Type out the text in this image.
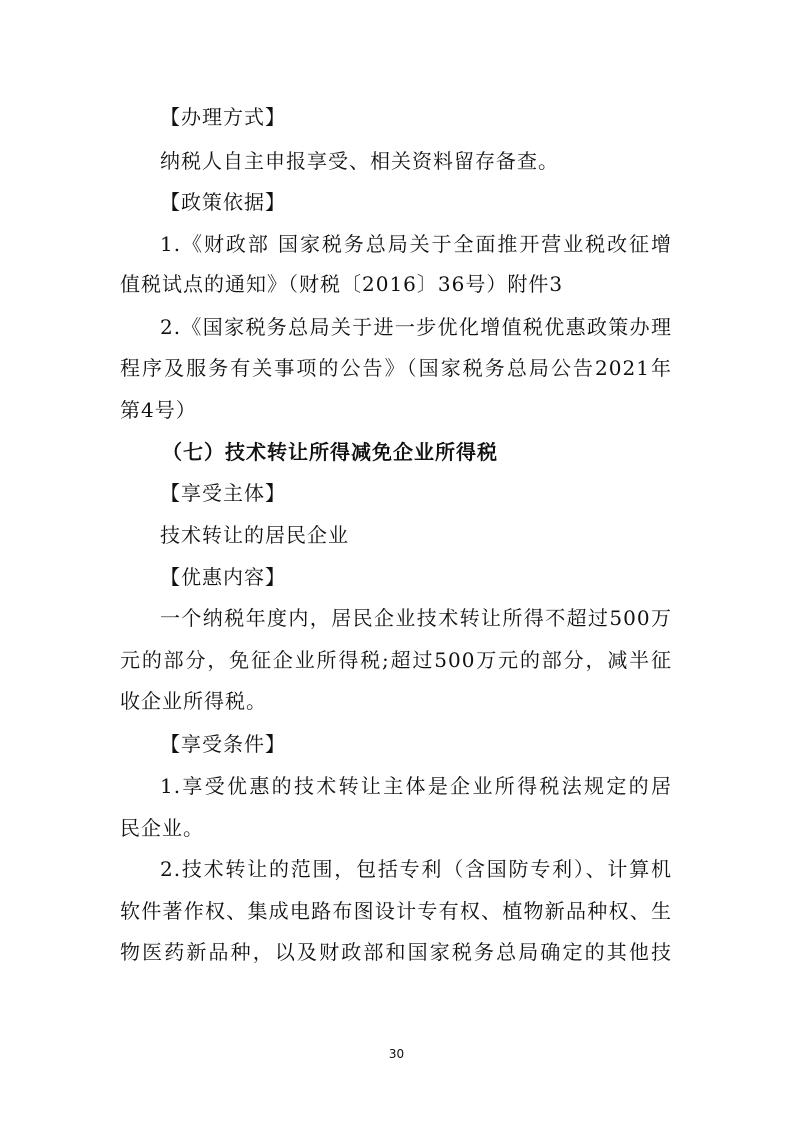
【办理方式】
纳税人自主申报享受、相关资料留存备查。
【政策依据】
1.《财政部 国家税务总局关于全面推开营业税改征增
值税试点的通知》（财税〔2016〕36号）附件3
2.《国家税务总局关于进一步优化增值税优惠政策办理
程序及服务有关事项的公告》（国家税务总局公告2021年
第4号）
（七）技术转让所得减免企业所得税
【享受主体】
技术转让的居民企业
【优惠内容】
一个纳税年度内，居民企业技术转让所得不超过500万
元的部分，免征企业所得税;超过500万元的部分，减半征
收企业所得税。
【享受条件】
1.享受优惠的技术转让主体是企业所得税法规定的居
民企业。
2.技术转让的范围，包括专利（含国防专利）、计算机
软件著作权、集成电路布图设计专有权、植物新品种权、生
物医药新品种，以及财政部和国家税务总局确定的其他技
30
